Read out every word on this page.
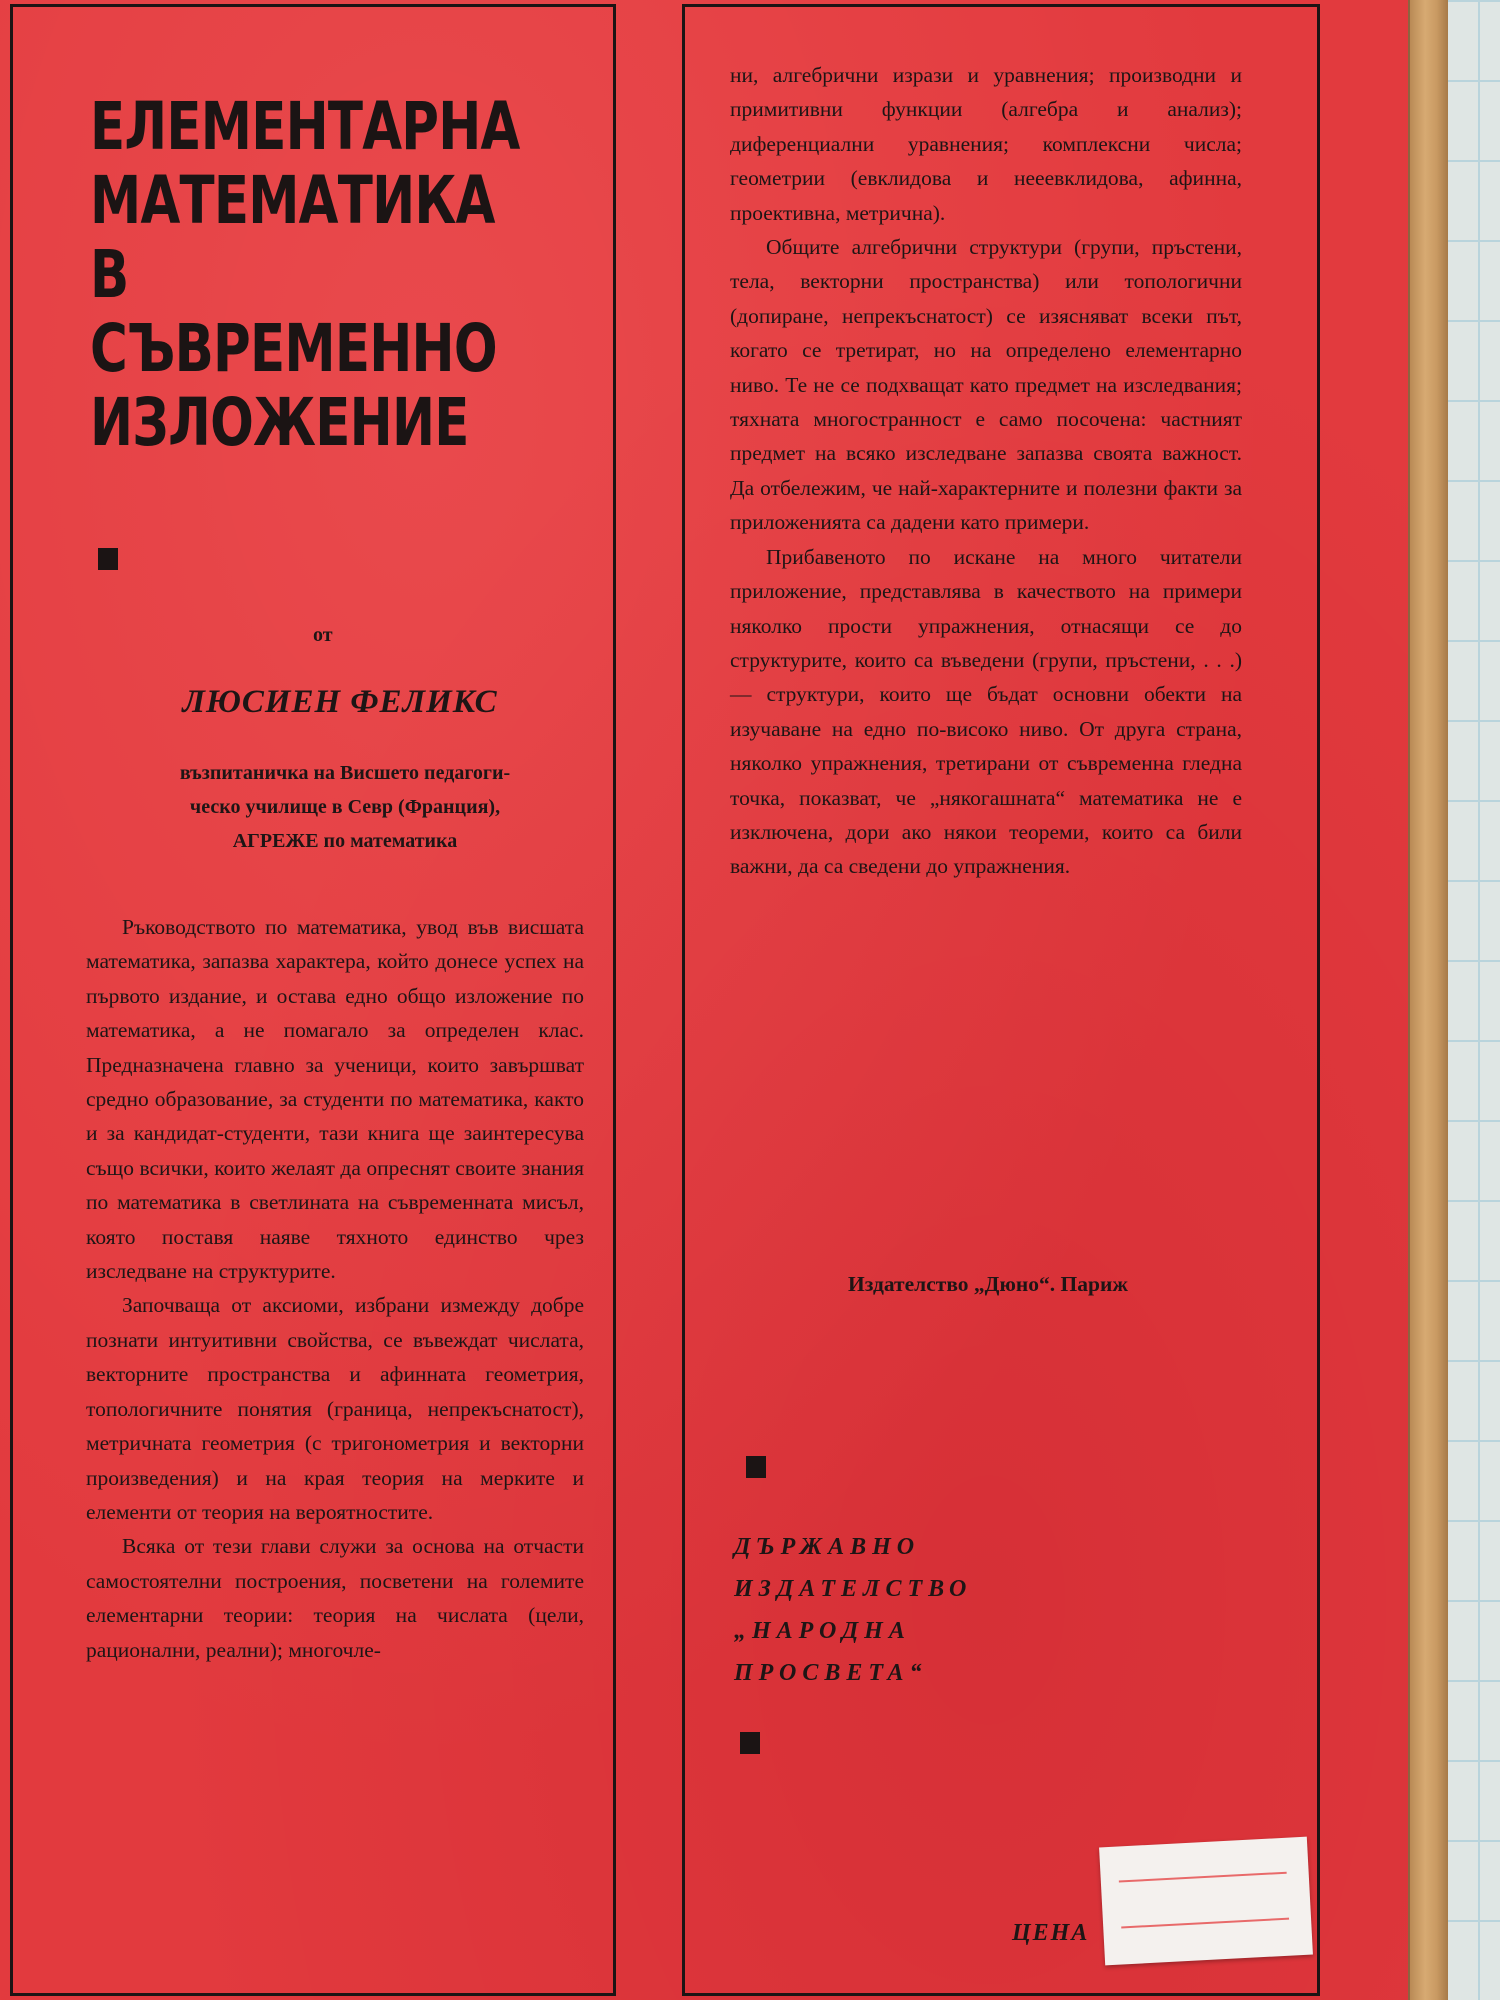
ЕЛЕМЕНТАРНА
МАТЕМАТИКА
В
СЪВРЕМЕННО
ИЗЛОЖЕНИЕ
от
ЛЮСИЕН ФЕЛИКС
възпитаничка на Висшето педагоги-
ческо училище в Севр (Франция),
АГРЕЖЕ по математика

Ръководството по математика, увод във висшата математика, запазва характера, който донесе успех на първото издание, и остава едно общо изложение по математика, а не помагало за определен клас. Предназначена главно за ученици, които завършват средно образование, за студенти по математика, както и за кандидат-студенти, тази книга ще заинтересува също всички, които желаят да опреснят своите знания по математика в светлината на съвременната мисъл, която поставя наяве тяхното единство чрез изследване на структурите.

Започваща от аксиоми, избрани измежду добре познати интуитивни свойства, се въвеждат числата, векторните пространства и афинната геометрия, топологичните понятия (граница, непрекъснатост), метричната геометрия (с тригонометрия и векторни произведения) и на края теория на мерките и елементи от теория на вероятностите.

Всяка от тези глави служи за основа на отчасти самостоятелни построения, посветени на големите елементарни теории: теория на числата (цели, рационални, реални); многочле-

ни, алгебрични изрази и уравнения; производни и примитивни функции (алгебра и анализ); диференциални уравнения; комплексни числа; геометрии (евклидова и нееевклидова, афинна, проективна, метрична).

Общите алгебрични структури (групи, пръстени, тела, векторни пространства) или топологични (допиране, непрекъснатост) се изясняват всеки път, когато се третират, но на определено елементарно ниво. Те не се подхващат като предмет на изследвания; тяхната многостранност е само посочена: частният предмет на всяко изследване запазва своята важност. Да отбележим, че най-характерните и полезни факти за приложенията са дадени като примери.

Прибавеното по искане на много читатели приложение, представлява в качеството на примери няколко прости упражнения, отнасящи се до структурите, които са въведени (групи, пръстени, . . .) — структури, които ще бъдат основни обекти на изучаване на едно по-високо ниво. От друга страна, няколко упражнения, третирани от съвременна гледна точка, показват, че „някогашната“ математика не е изключена, дори ако някои теореми, които са били важни, да са сведени до упражнения.

Издателство „Дюно“. Париж
ДЪРЖАВНО
ИЗДАТЕЛСТВО
„НАРОДНА
ПРОСВЕТА“
ЦЕНА
